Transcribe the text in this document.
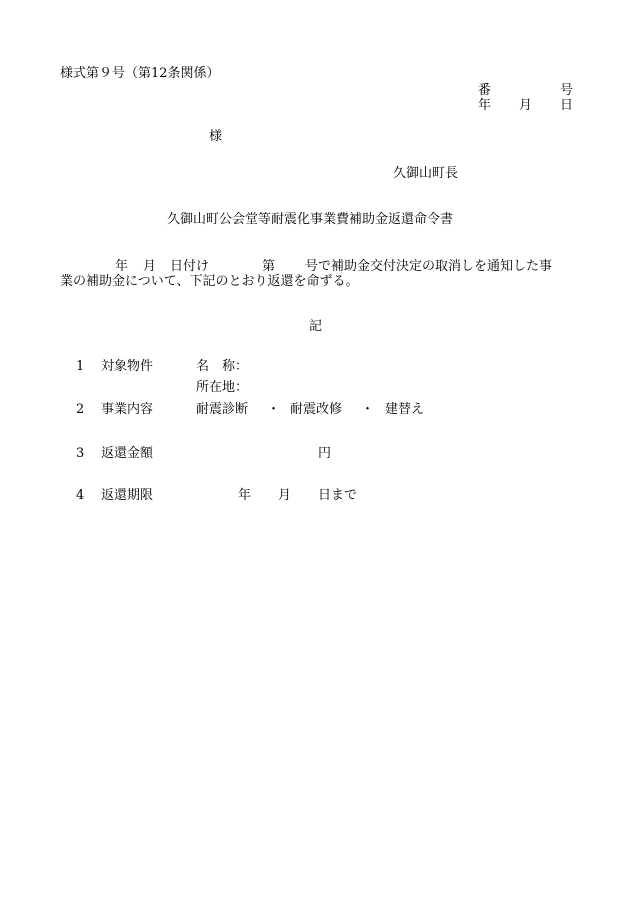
様式第９号（第12条関係）
番	号
年 月 日
様
久御山町長
久御山町公会堂等耐震化事業費補助金返還命令書
年 月 日付け	第 号で補助金交付決定の取消しを通知した事
業の補助金について、下記のとおり返還を命ずる。
記
1 対象物件	名　称：
所在地：
2 事業内容	耐震診断 ・ 耐震改修 ・ 建替え
3 返還金額	円
4 返還期限	年 月 日まで
